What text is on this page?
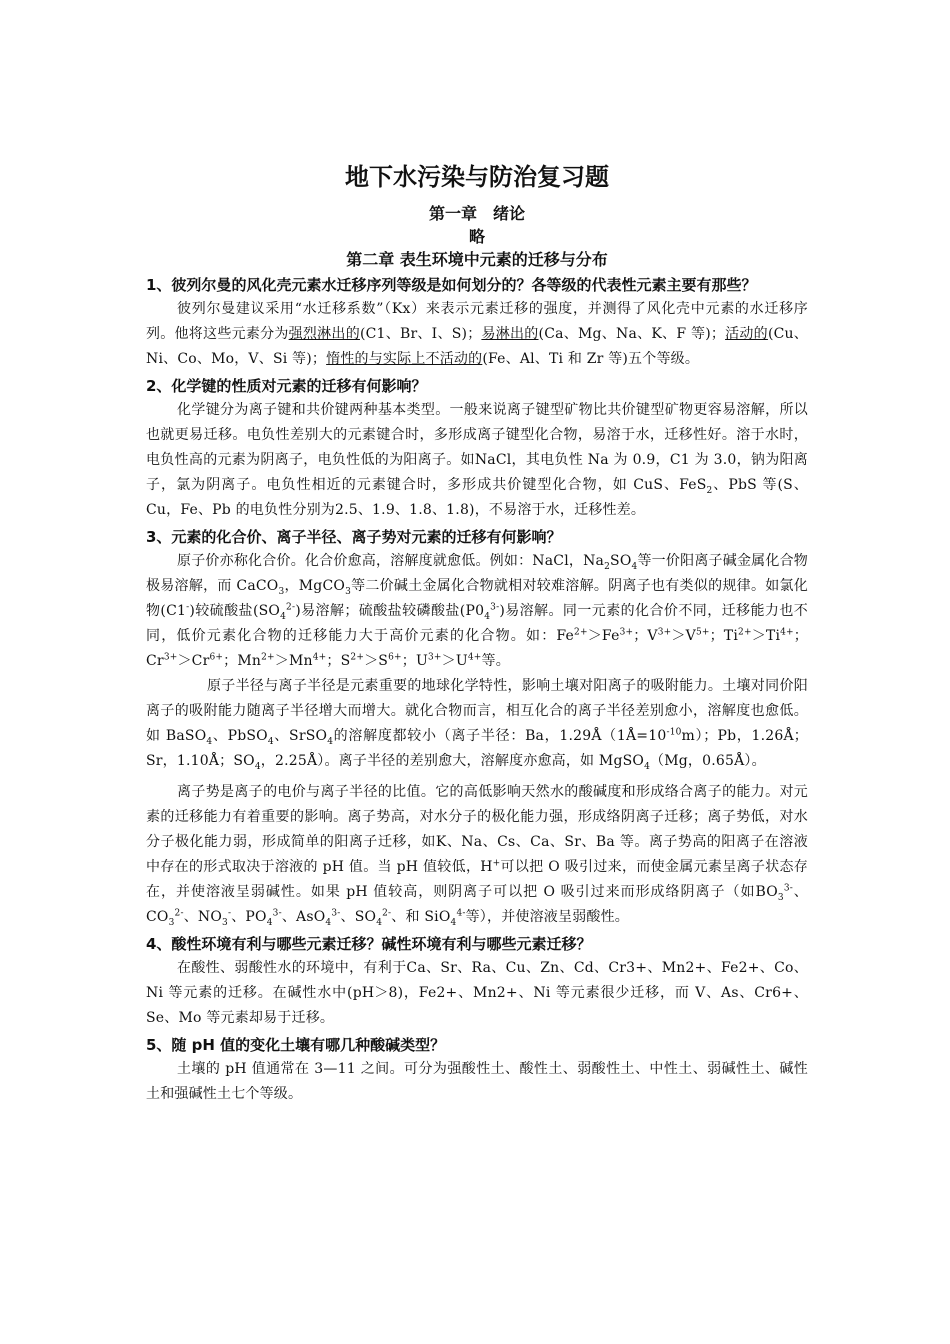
地下水污染与防治复习题

第一章　绪论

略

第二章 表生环境中元素的迁移与分布

1、彼列尔曼的风化壳元素水迁移序列等级是如何划分的？各等级的代表性元素主要有那些？

彼列尔曼建议采用“水迁移系数”（Kx）来表示元素迁移的强度，并测得了风化壳中元素的水迁移序列。他将这些元素分为强烈淋出的(C1、Br、I、S)；易淋出的(Ca、Mg、Na、K、F 等)；活动的(Cu、Ni、Co、Mo，V、Si 等)；惰性的与实际上不活动的(Fe、Al、Ti 和 Zr 等)五个等级。

2、化学键的性质对元素的迁移有何影响？

化学键分为离子键和共价键两种基本类型。一般来说离子键型矿物比共价键型矿物更容易溶解，所以也就更易迁移。电负性差别大的元素键合时，多形成离子键型化合物，易溶于水，迁移性好。溶于水时，电负性高的元素为阴离子，电负性低的为阳离子。如NaCl，其电负性 Na 为 0.9，C1 为 3.0，钠为阳离子，氯为阴离子。电负性相近的元素键合时，多形成共价键型化合物，如 CuS、FeS$_2$、PbS 等(S、Cu，Fe、Pb 的电负性分别为2.5、1.9、1.8、1.8)，不易溶于水，迁移性差。

3、元素的化合价、离子半径、离子势对元素的迁移有何影响？

原子价亦称化合价。化合价愈高，溶解度就愈低。例如：NaCl，$Na_2SO_4$等一价阳离子碱金属化合物极易溶解，而 CaCO$_3$，MgCO$_3$等二价碱土金属化合物就相对较难溶解。阴离子也有类似的规律。如氯化物(C1-)较硫酸盐$(SO_4^{2-})$易溶解；硫酸盐较磷酸盐$(P0_4^{3-})$易溶解。同一元素的化合价不同，迁移能力也不同，低价元素化合物的迁移能力大于高价元素的化合物。如：$Fe^{2+}>Fe^{3+}$；$V^{3+}>V^{5+}$；$Ti^{2+}>Ti^{4+}$；$Cr^{3+}>Cr^{6+}$；$Mn^{2+}>Mn^{4+}$；$S^{2+}>S^{6+}$；$U^{3+}>U^{4+}$等。

原子半径与离子半径是元素重要的地球化学特性，影响土壤对阳离子的吸附能力。土壤对同价阳离子的吸附能力随离子半径增大而增大。就化合物而言，相互化合的离子半径差别愈小，溶解度也愈低。如 BaSO$_4$、PbSO$_4$、SrSO$_4$的溶解度都较小（离子半径：Ba，$1.29Å(1Å=10^{-10}m)$；Pb，1.26Å；Sr，1.10Å；$SO_4$，2.25Å）。离子半径的差别愈大，溶解度亦愈高，如 MgSO$_4$（Mg，0.65Å）。

离子势是离子的电价与离子半径的比值。它的高低影响天然水的酸碱度和形成络合离子的能力。对元素的迁移能力有着重要的影响。离子势高，对水分子的极化能力强，形成络阴离子迁移；离子势低，对水分子极化能力弱，形成简单的阳离子迁移，如K、Na、Cs、Ca、Sr、Ba 等。离子势高的阳离子在溶液中存在的形式取决于溶液的 pH 值。当 pH 值较低，H+可以把 O 吸引过来，而使金属元素呈离子状态存在，并使溶液呈弱碱性。如果 pH 值较高，则阴离子可以把 O 吸引过来而形成络阴离子（如$BO_3^{3-}$、$CO_3^{2-}$、$NO_3^-$、$PO_4^{3-}$、AsO$_4^{3-}$、$SO_4^{2-}$、和 SiO$_4^{4-}$等），并使溶液呈弱酸性。

4、酸性环境有利与哪些元素迁移？碱性环境有利与哪些元素迁移？

在酸性、弱酸性水的环境中，有利于Ca、Sr、Ra、Cu、Zn、Cd、Cr3+、Mn2+、Fe2+、Co、Ni 等元素的迁移。在碱性水中(pH＞8)，Fe2+、Mn2+、Ni 等元素很少迁移，而 V、As、Cr6+、Se、Mo 等元素却易于迁移。

5、随 pH 值的变化土壤有哪几种酸碱类型？

土壤的 pH 值通常在 3—11 之间。可分为强酸性土、酸性土、弱酸性土、中性土、弱碱性土、碱性土和强碱性土七个等级。
